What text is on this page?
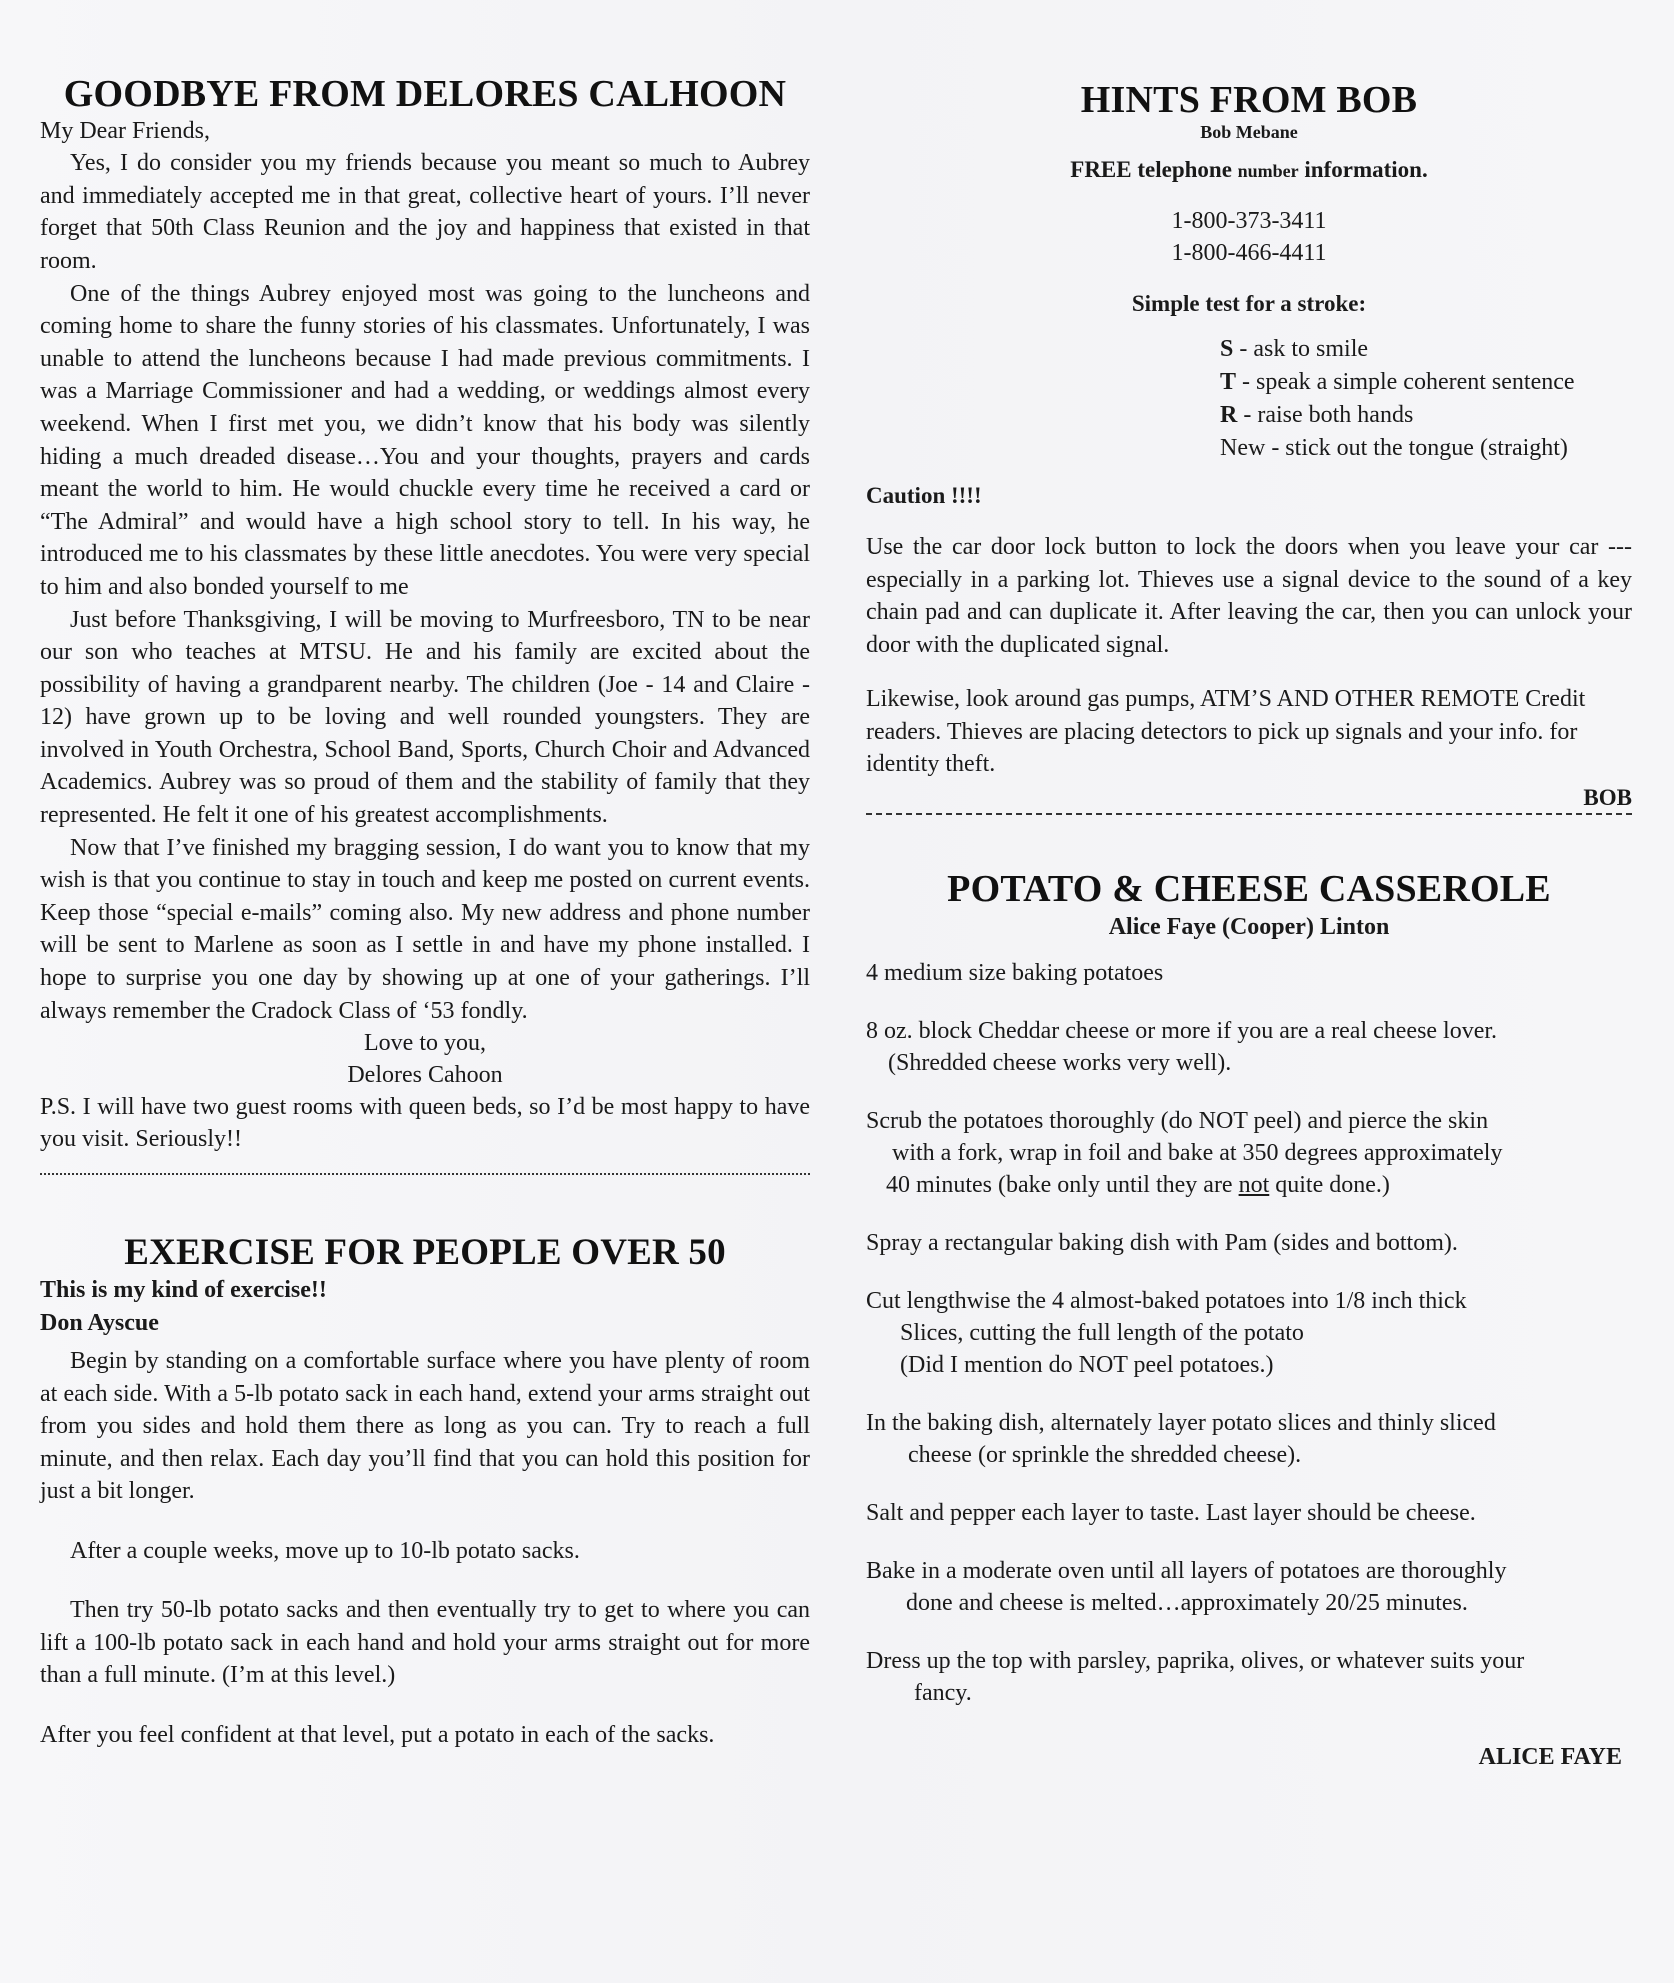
GOODBYE FROM DELORES CALHOON

My Dear Friends,

Yes, I do consider you my friends because you meant so much to Aubrey and immediately accepted me in that great, collective heart of yours. I’ll never forget that 50th Class Reunion and the joy and happiness that existed in that room.

One of the things Aubrey enjoyed most was going to the luncheons and coming home to share the funny stories of his classmates. Unfortunately, I was unable to attend the luncheons because I had made previous commitments. I was a Marriage Commissioner and had a wedding, or weddings almost every weekend. When I first met you, we didn’t know that his body was silently hiding a much dreaded disease…You and your thoughts, prayers and cards meant the world to him. He would chuckle every time he received a card or “The Admiral” and would have a high school story to tell. In his way, he introduced me to his classmates by these little anecdotes. You were very special to him and also bonded yourself to me

Just before Thanksgiving, I will be moving to Murfreesboro, TN to be near our son who teaches at MTSU. He and his family are excited about the possibility of having a grandparent nearby. The children (Joe - 14 and Claire - 12) have grown up to be loving and well rounded youngsters. They are involved in Youth Orchestra, School Band, Sports, Church Choir and Advanced Academics. Aubrey was so proud of them and the stability of family that they represented. He felt it one of his greatest accomplishments.

Now that I’ve finished my bragging session, I do want you to know that my wish is that you continue to stay in touch and keep me posted on current events. Keep those “special e-mails” coming also. My new address and phone number will be sent to Marlene as soon as I settle in and have my phone installed. I hope to surprise you one day by showing up at one of your gatherings. I’ll always remember the Cradock Class of ‘53 fondly.

Love to you,

Delores Cahoon

P.S. I will have two guest rooms with queen beds, so I’d be most happy to have you visit. Seriously!!

EXERCISE FOR PEOPLE OVER 50

This is my kind of exercise!!

Don Ayscue

Begin by standing on a comfortable surface where you have plenty of room at each side. With a 5-lb potato sack in each hand, extend your arms straight out from you sides and hold them there as long as you can. Try to reach a full minute, and then relax. Each day you’ll find that you can hold this position for just a bit longer.

After a couple weeks, move up to 10-lb potato sacks.

Then try 50-lb potato sacks and then eventually try to get to where you can lift a 100-lb potato sack in each hand and hold your arms straight out for more than a full minute. (I’m at this level.)

After you feel confident at that level, put a potato in each of the sacks.

HINTS FROM BOB

Bob Mebane

FREE telephone number information.

1-800-373-3411

1-800-466-4411

Simple test for a stroke:

S - ask to smile

T - speak a simple coherent sentence

R - raise both hands

New - stick out the tongue (straight)

Caution !!!!

Use the car door lock button to lock the doors when you leave your car ---especially in a parking lot. Thieves use a signal device to the sound of a key chain pad and can duplicate it. After leaving the car, then you can unlock your door with the duplicated signal.

Likewise, look around gas pumps, ATM’S AND OTHER REMOTE Credit readers. Thieves are placing detectors to pick up signals and your info. for identity theft.

BOB

POTATO & CHEESE CASSEROLE

Alice Faye (Cooper) Linton

4 medium size baking potatoes

8 oz. block Cheddar cheese or more if you are a real cheese lover.

(Shredded cheese works very well).

Scrub the potatoes thoroughly (do NOT peel) and pierce the skin

with a fork, wrap in foil and bake at 350 degrees approximately

40 minutes (bake only until they are not quite done.)

Spray a rectangular baking dish with Pam (sides and bottom).

Cut lengthwise the 4 almost-baked potatoes into 1/8 inch thick

Slices, cutting the full length of the potato

(Did I mention do NOT peel potatoes.)

In the baking dish, alternately layer potato slices and thinly sliced

cheese (or sprinkle the shredded cheese).

Salt and pepper each layer to taste. Last layer should be cheese.

Bake in a moderate oven until all layers of potatoes are thoroughly

done and cheese is melted…approximately 20/25 minutes.

Dress up the top with parsley, paprika, olives, or whatever suits your

fancy.

ALICE FAYE
